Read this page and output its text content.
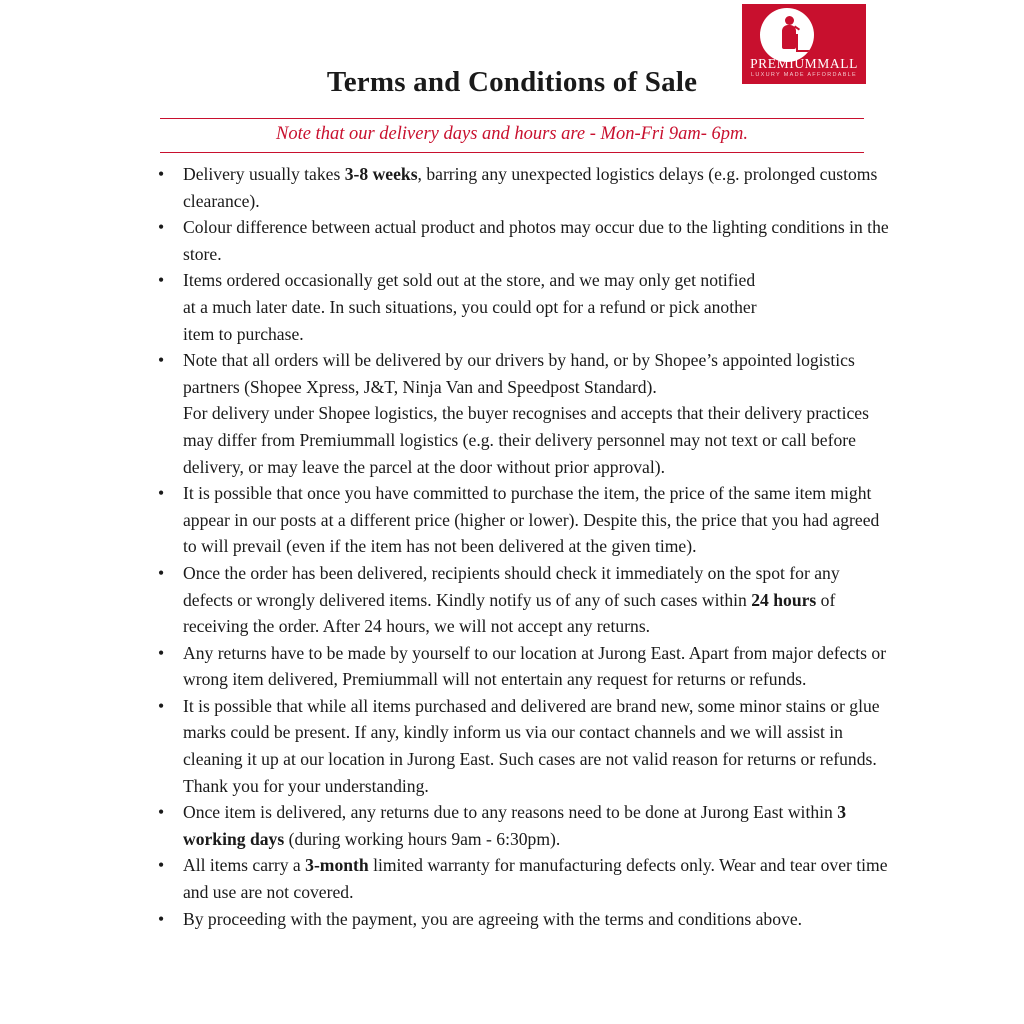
PREMIUMMALL
LUXURY MADE AFFORDABLE
Terms and Conditions of Sale
Note that our delivery days and hours are - Mon-Fri 9am- 6pm.
• Delivery usually takes 3-8 weeks, barring any unexpected logistics delays (e.g. prolonged customs clearance).

• Colour difference between actual product and photos may occur due to the lighting conditions in the store.

• Items ordered occasionally get sold out at the store, and we may only get notified
at a much later date. In such situations, you could opt for a refund or pick another
item to purchase.

• Note that all orders will be delivered by our drivers by hand, or by Shopee’s appointed logistics partners (Shopee Xpress, J&T, Ninja Van and Speedpost Standard).
For delivery under Shopee logistics, the buyer recognises and accepts that their delivery practices may differ from Premiummall logistics (e.g. their delivery personnel may not text or call before delivery, or may leave the parcel at the door without prior approval).

• It is possible that once you have committed to purchase the item, the price of the same item might appear in our posts at a different price (higher or lower). Despite this, the price that you had agreed to will prevail (even if the item has not been delivered at the given time).

• Once the order has been delivered, recipients should check it immediately on the spot for any defects or wrongly delivered items. Kindly notify us of any of such cases within 24 hours of receiving the order. After 24 hours, we will not accept any returns.

• Any returns have to be made by yourself to our location at Jurong East. Apart from major defects or wrong item delivered, Premiummall will not entertain any request for returns or refunds.

• It is possible that while all items purchased and delivered are brand new, some minor stains or glue marks could be present. If any, kindly inform us via our contact channels and we will assist in cleaning it up at our location in Jurong East. Such cases are not valid reason for returns or refunds. Thank you for your understanding.

• Once item is delivered, any returns due to any reasons need to be done at Jurong East within 3 working days (during working hours 9am - 6:30pm).

• All items carry a 3-month limited warranty for manufacturing defects only. Wear and tear over time and use are not covered.

• By proceeding with the payment, you are agreeing with the terms and conditions above.
